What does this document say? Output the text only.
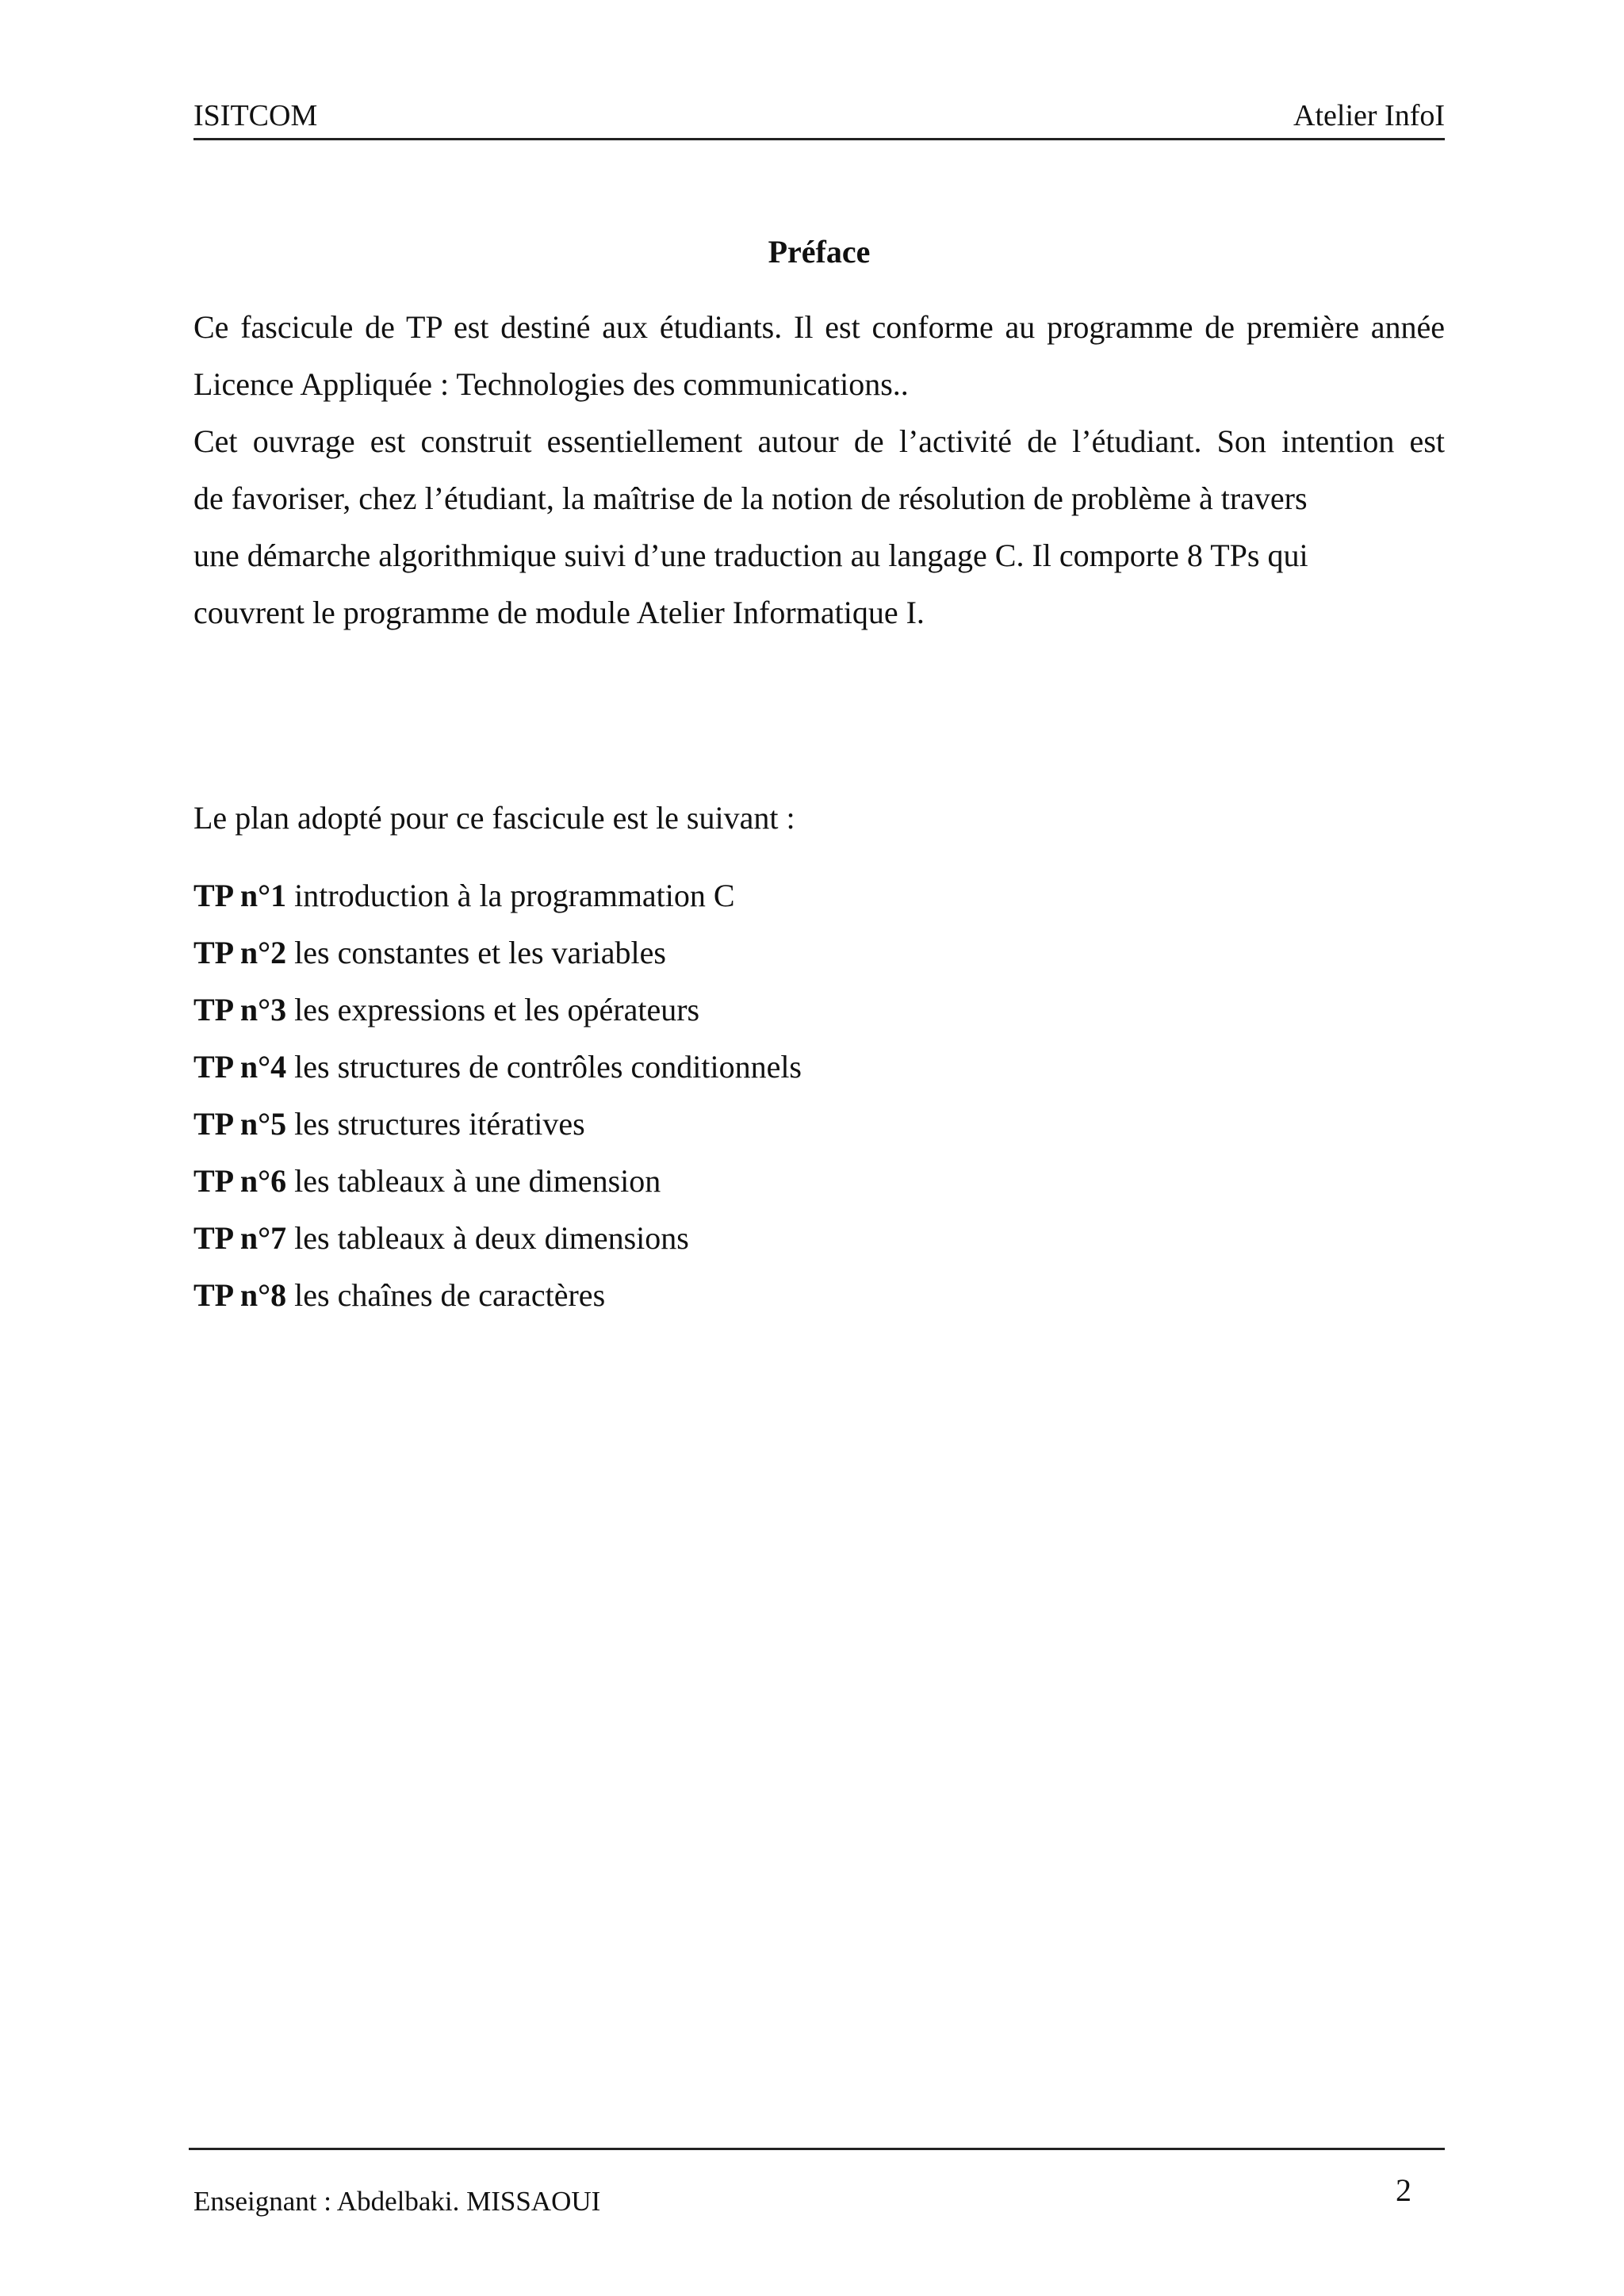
ISITCOM	Atelier InfoI
Préface
Ce fascicule de TP est destiné aux étudiants. Il est conforme au programme de première année
Licence Appliquée : Technologies des communications..
Cet ouvrage est construit essentiellement autour de l’activité de l’étudiant. Son intention est
de favoriser, chez l’étudiant, la maîtrise de la notion de résolution de problème à travers
une démarche algorithmique suivi d’une traduction au langage C. Il comporte 8 TPs qui
couvrent le programme de module Atelier Informatique I.
Le plan adopté pour ce fascicule est le suivant :
TP n°1 introduction à la programmation C
TP n°2 les constantes et les variables
TP n°3 les expressions et les opérateurs
TP n°4 les structures de contrôles conditionnels
TP n°5 les structures itératives
TP n°6 les tableaux à une dimension
TP n°7 les tableaux à deux dimensions
TP n°8 les chaînes de caractères
Enseignant : Abdelbaki. MISSAOUI	2
